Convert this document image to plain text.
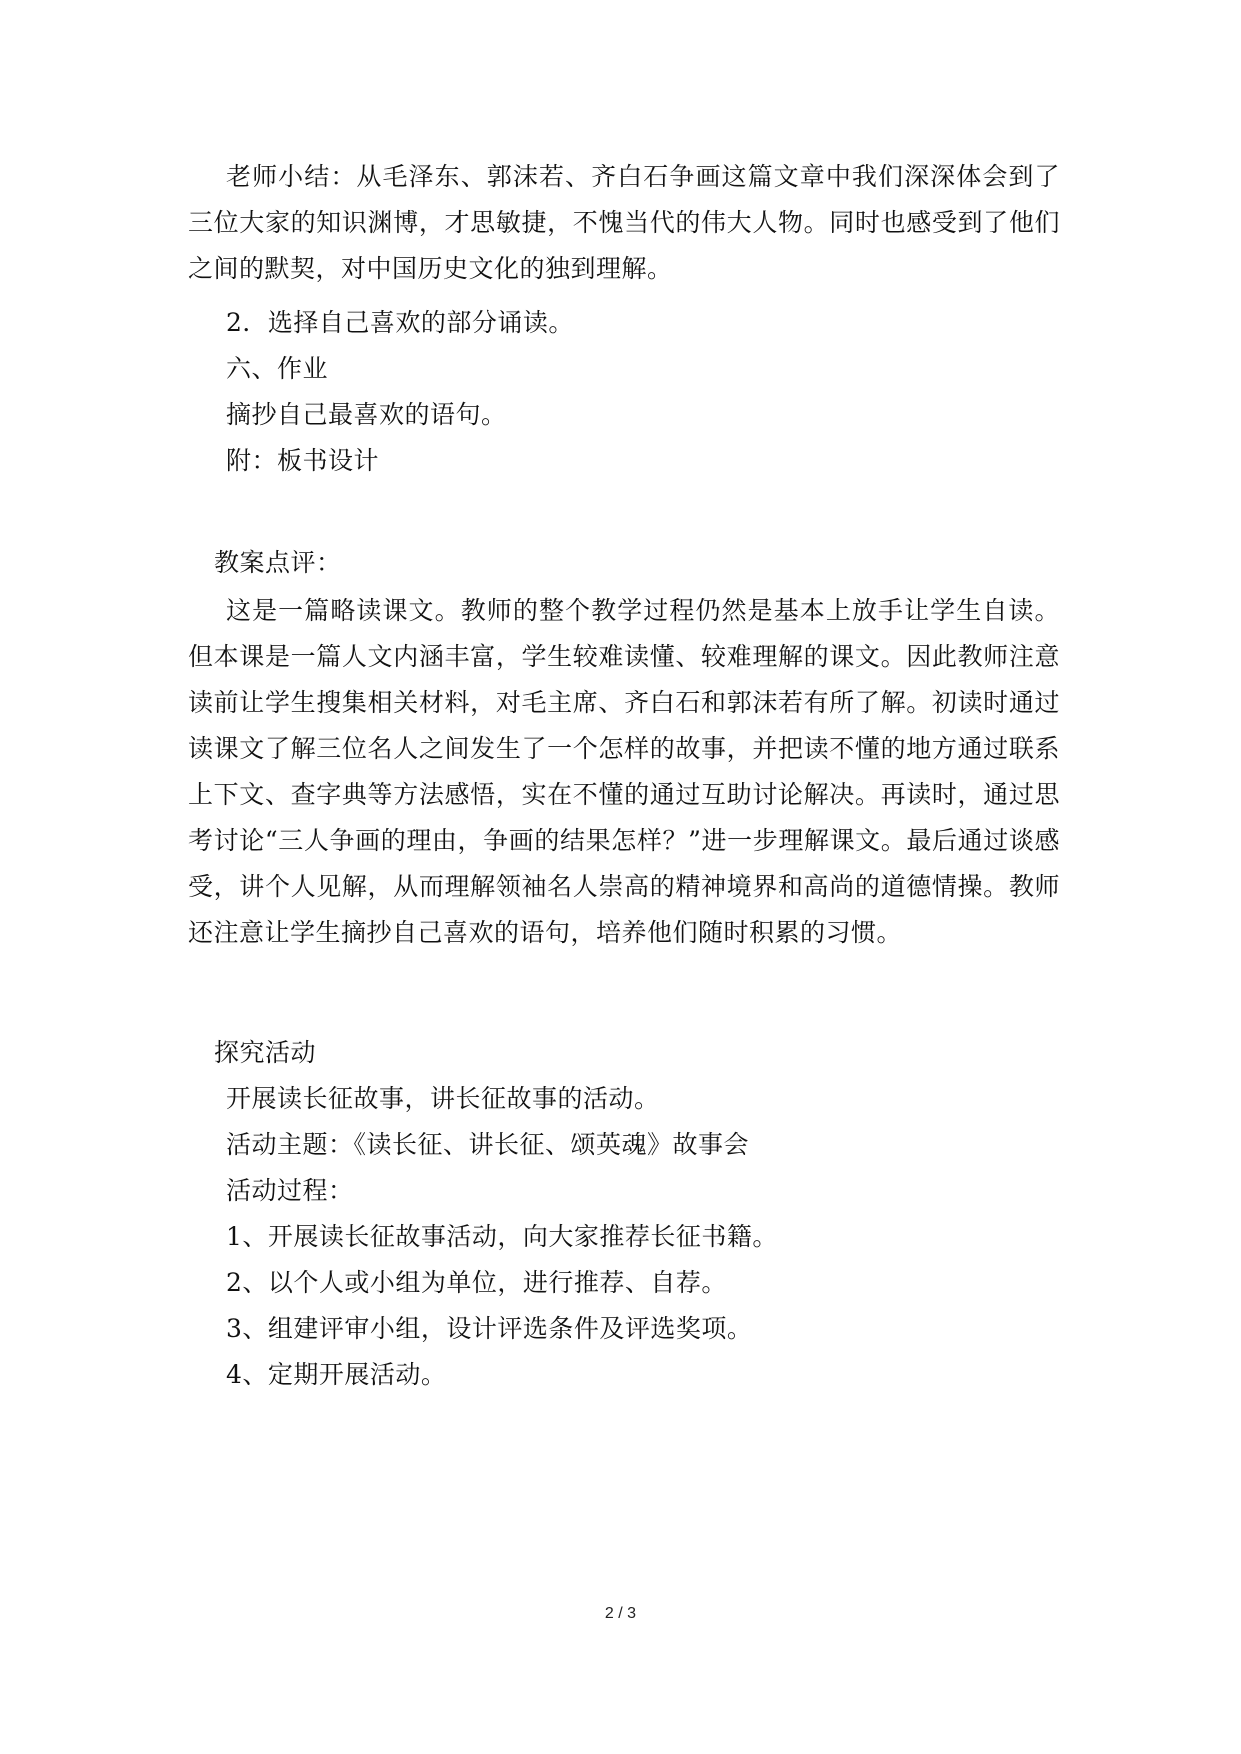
老师小结：从毛泽东、郭沫若、齐白石争画这篇文章中我们深深体会到了三位大家的知识渊博，才思敏捷，不愧当代的伟大人物。同时也感受到了他们之间的默契，对中国历史文化的独到理解。
2．选择自己喜欢的部分诵读。
六、作业
摘抄自己最喜欢的语句。
附：板书设计
教案点评：
这是一篇略读课文。教师的整个教学过程仍然是基本上放手让学生自读。但本课是一篇人文内涵丰富，学生较难读懂、较难理解的课文。因此教师注意读前让学生搜集相关材料，对毛主席、齐白石和郭沫若有所了解。初读时通过读课文了解三位名人之间发生了一个怎样的故事，并把读不懂的地方通过联系上下文、查字典等方法感悟，实在不懂的通过互助讨论解决。再读时，通过思考讨论“三人争画的理由，争画的结果怎样？”进一步理解课文。最后通过谈感受，讲个人见解，从而理解领袖名人崇高的精神境界和高尚的道德情操。教师还注意让学生摘抄自己喜欢的语句，培养他们随时积累的习惯。
探究活动
开展读长征故事，讲长征故事的活动。
活动主题：《读长征、讲长征、颂英魂》故事会
活动过程：
1、开展读长征故事活动，向大家推荐长征书籍。
2、以个人或小组为单位，进行推荐、自荐。
3、组建评审小组，设计评选条件及评选奖项。
4、定期开展活动。
2 / 3
